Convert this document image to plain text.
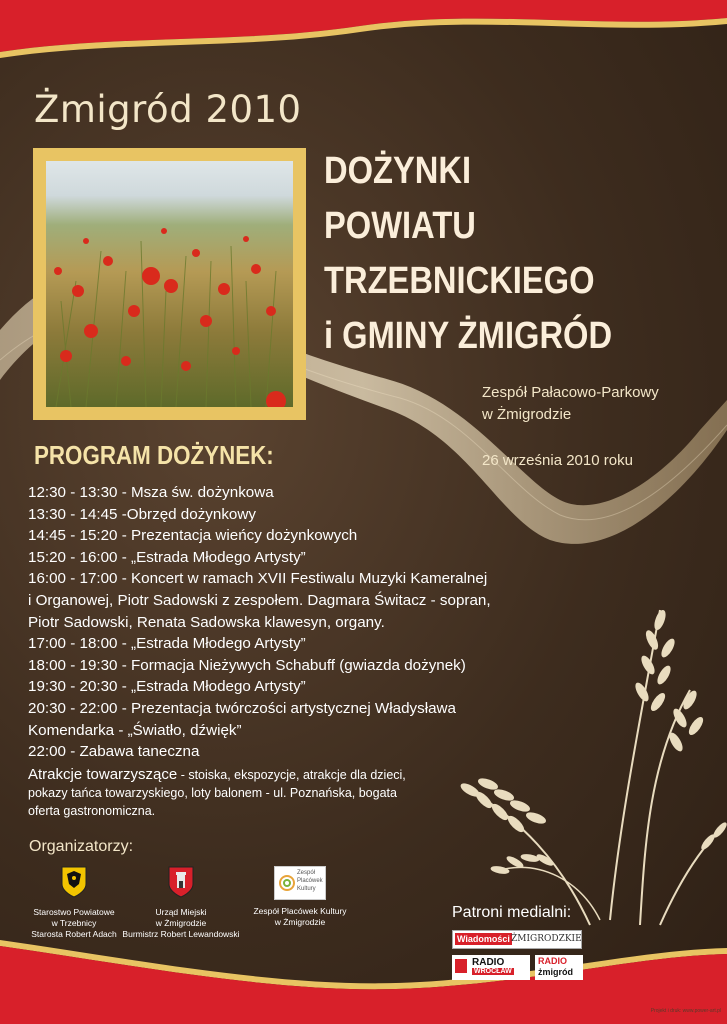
Żmigród 2010
DOŻYNKI
POWIATU
TRZEBNICKIEGO
i GMINY ŻMIGRÓD
Zespół Pałacowo-Parkowy
w Żmigrodzie
26 września 2010 roku
PROGRAM DOŻYNEK:
12:30 - 13:30 - Msza św. dożynkowa
13:30 - 14:45 -Obrzęd dożynkowy
14:45 - 15:20 - Prezentacja wieńcy dożynkowych
15:20 - 16:00 - „Estrada Młodego Artysty”
16:00 - 17:00 - Koncert w ramach XVII Festiwalu Muzyki Kameralnej
i Organowej, Piotr Sadowski z zespołem. Dagmara Świtacz - sopran,
Piotr Sadowski, Renata Sadowska klawesyn, organy.
17:00 - 18:00 - „Estrada Młodego Artysty”
18:00 - 19:30 - Formacja Nieżywych Schabuff (gwiazda dożynek)
19:30 - 20:30 - „Estrada Młodego Artysty”
20:30 - 22:00 - Prezentacja twórczości artystycznej Władysława
Komendarka - „Światło, dźwięk”
22:00 - Zabawa taneczna
Atrakcje towarzyszące - stoiska, ekspozycje, atrakcje dla dzieci,
pokazy tańca towarzyskiego, loty balonem - ul. Poznańska, bogata
oferta gastronomiczna.
Organizatorzy:
Starostwo Powiatowe
w Trzebnicy
Starosta Robert Adach
Urząd Miejski
w Żmigrodzie
Burmistrz Robert Lewandowski
Zespół
Placówek
Kultury
Zespół Placówek Kultury
w Żmigrodzie
Patroni medialni:
Wiadomości ŻMIGRODZKIE
RADIO
WROCŁAW
RADIO
żmigród
Projekt i druk: www.power-art.pl
